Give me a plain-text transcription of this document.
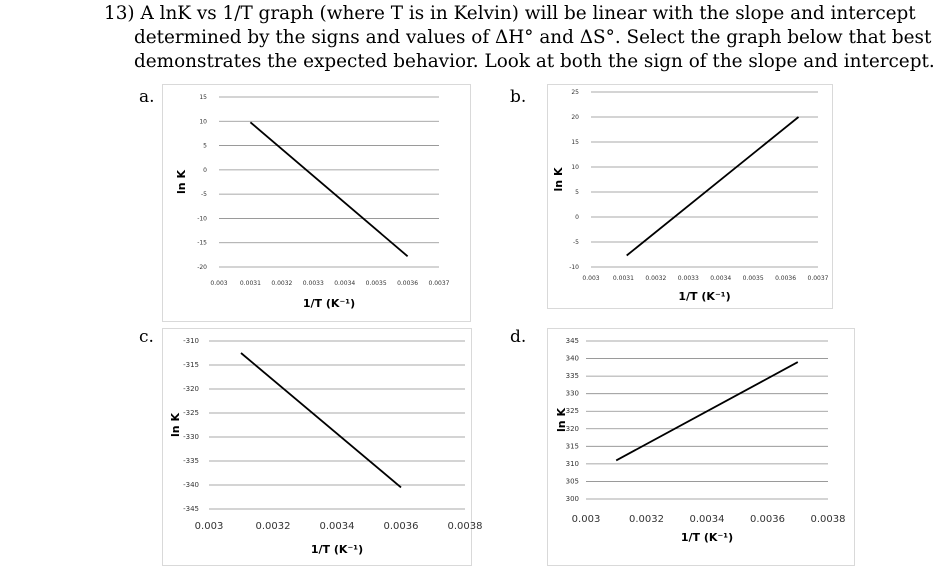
13) A lnK vs 1/T graph (where T is in Kelvin) will be linear with the slope and intercept
determined by the signs and values of ΔH° and ΔS°. Select the graph below that best
demonstrates the expected behavior. Look at both the sign of the slope and intercept.
a.	b.
c.	d.
15
10
5
0
-5
-10
-15
-20
0.003 0.0031 0.0032 0.0033 0.0034 0.0035 0.0036 0.0037
1/T (K⁻¹)
ln K
25
20
15
10
5
0
-5
-10
0.003 0.0031 0.0032 0.0033 0.0034 0.0035 0.0036 0.0037
1/T (K⁻¹)
ln K
-310
-315
-320
-325
-330
-335
-340
-345
0.003	0.0032	0.0034	0.0036	0.0038
1/T (K⁻¹)
ln K
345
340
335
330
325
320
315
310
305
300
0.003	0.0032	0.0034	0.0036	0.0038
1/T (K⁻¹)
ln K
